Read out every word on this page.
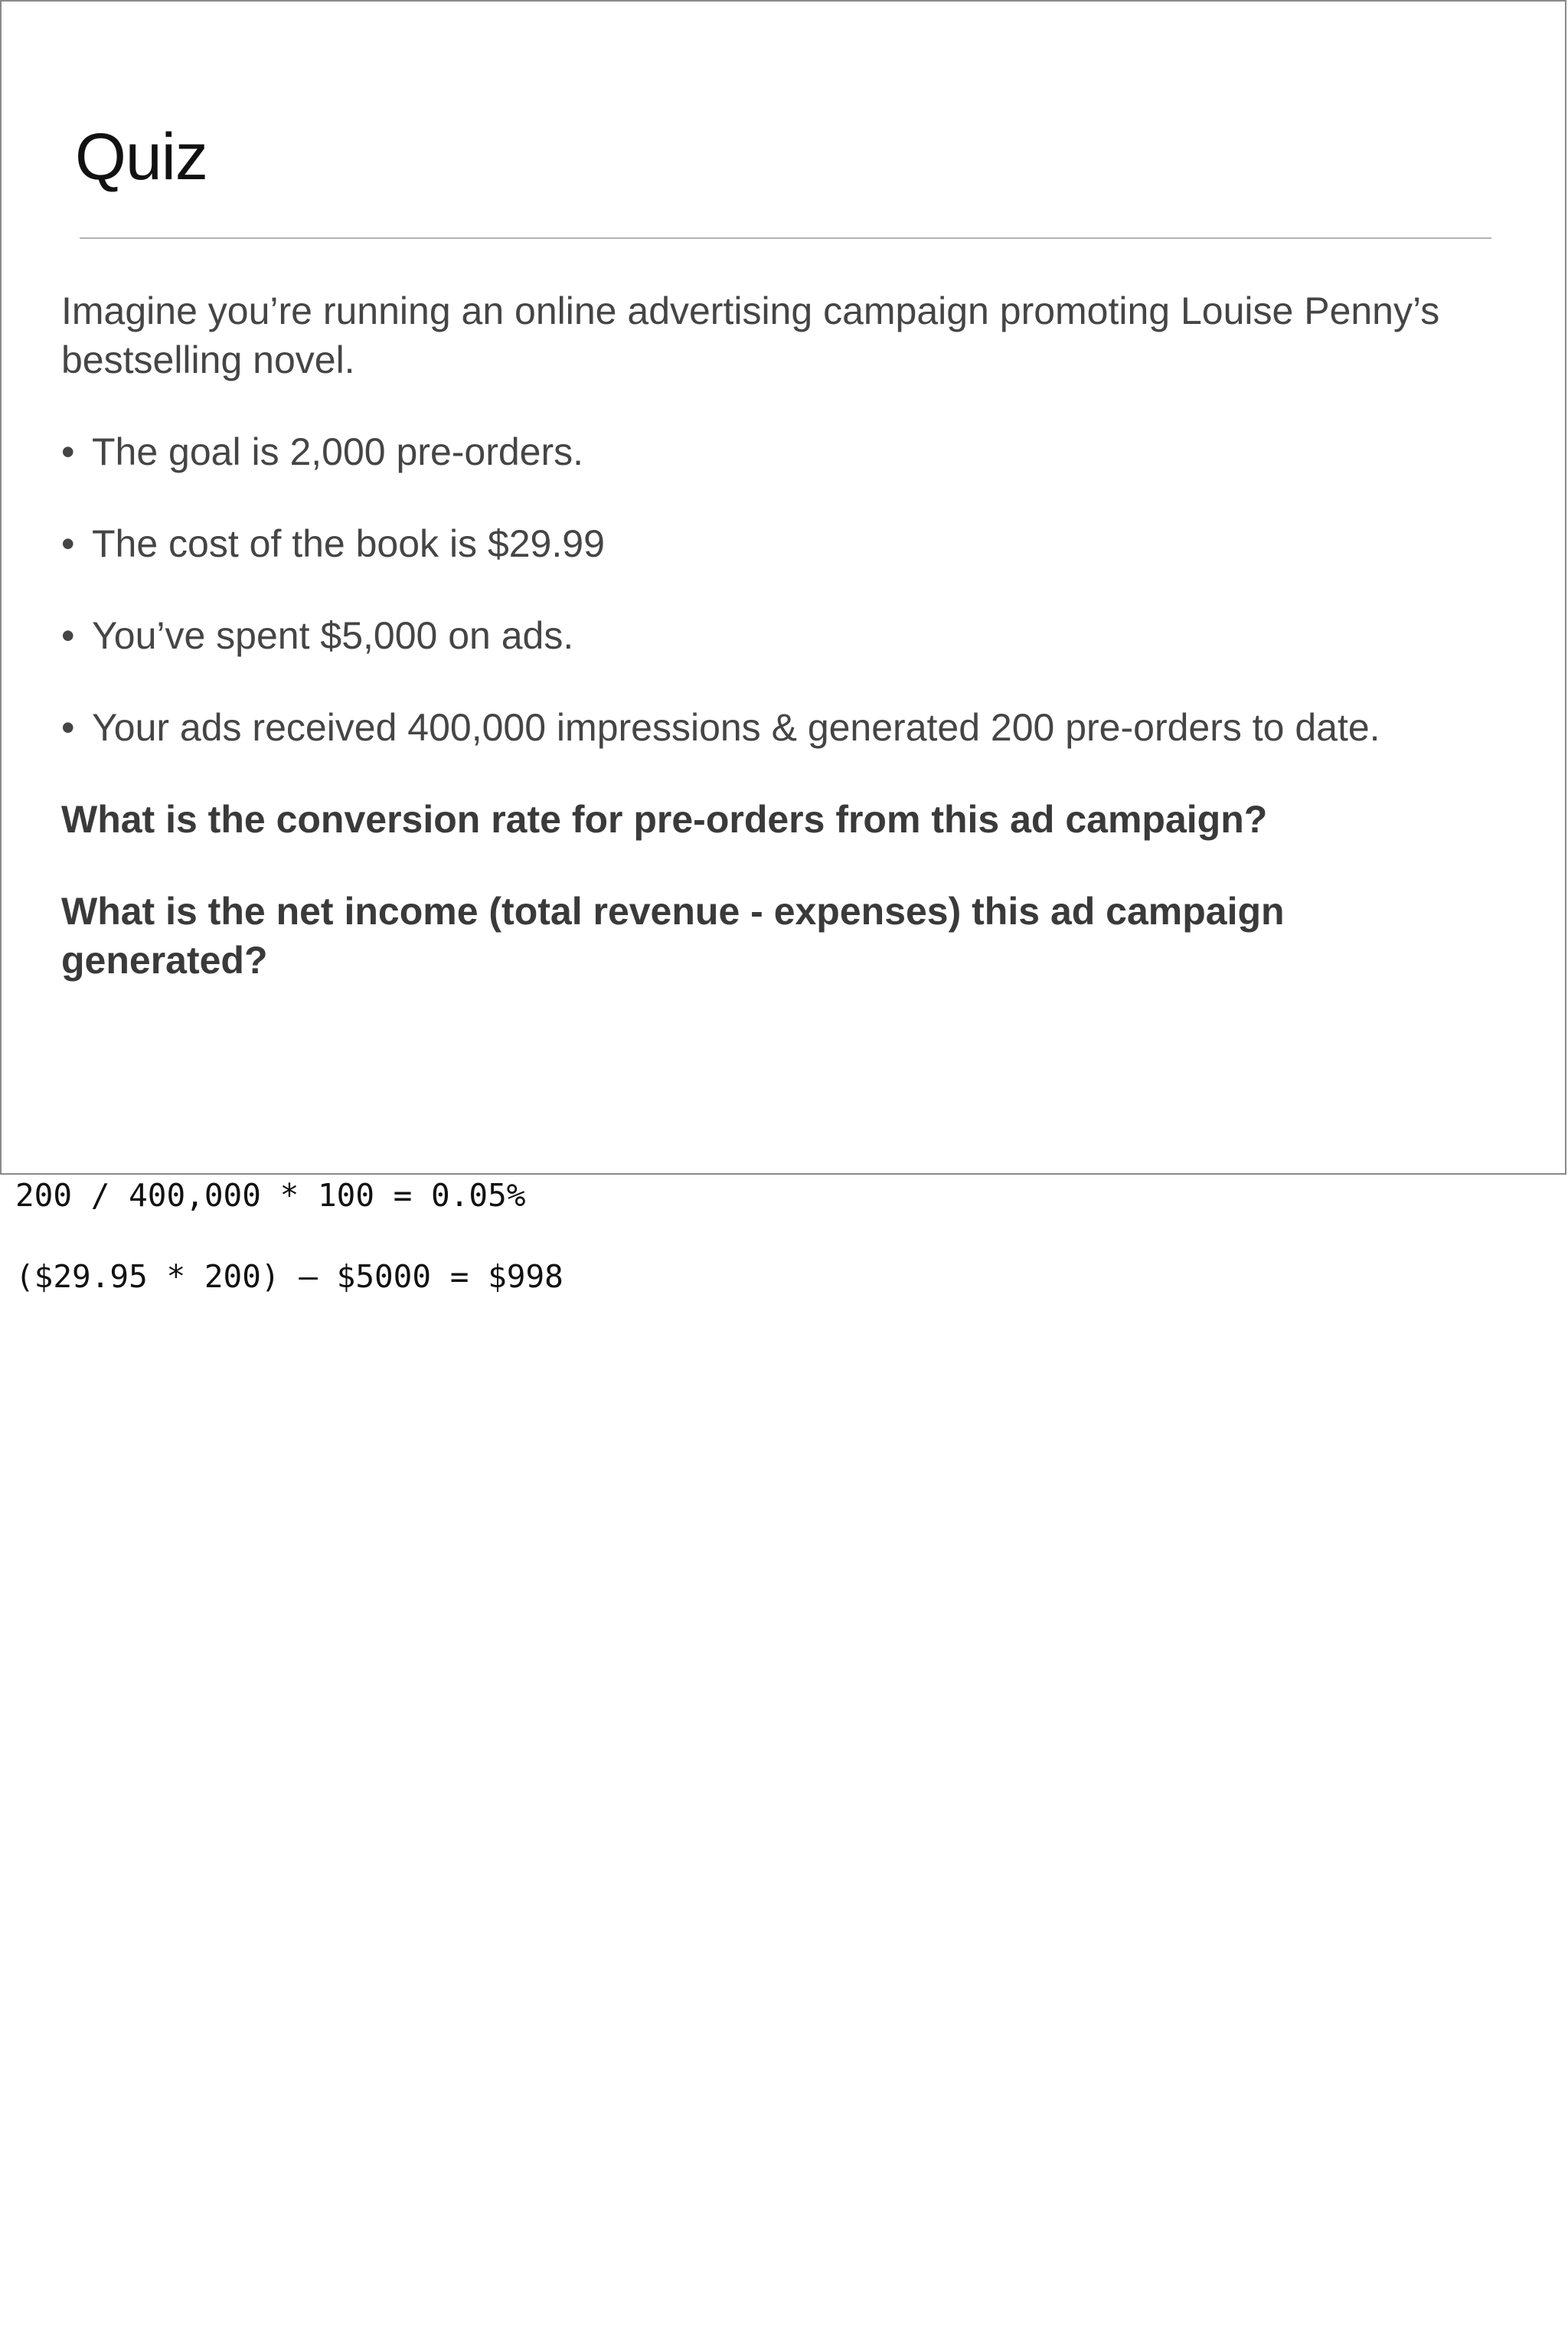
Quiz

Imagine you’re running an online advertising campaign promoting Louise Penny’s bestselling novel.

• The goal is 2,000 pre-orders.
• The cost of the book is $29.99
• You’ve spent $5,000 on ads.
• Your ads received 400,000 impressions & generated 200 pre-orders to date.

What is the conversion rate for pre-orders from this ad campaign?

What is the net income (total revenue - expenses) this ad campaign generated?

200 / 400,000 * 100 = 0.05%

($29.95 * 200) – $5000 = $998
